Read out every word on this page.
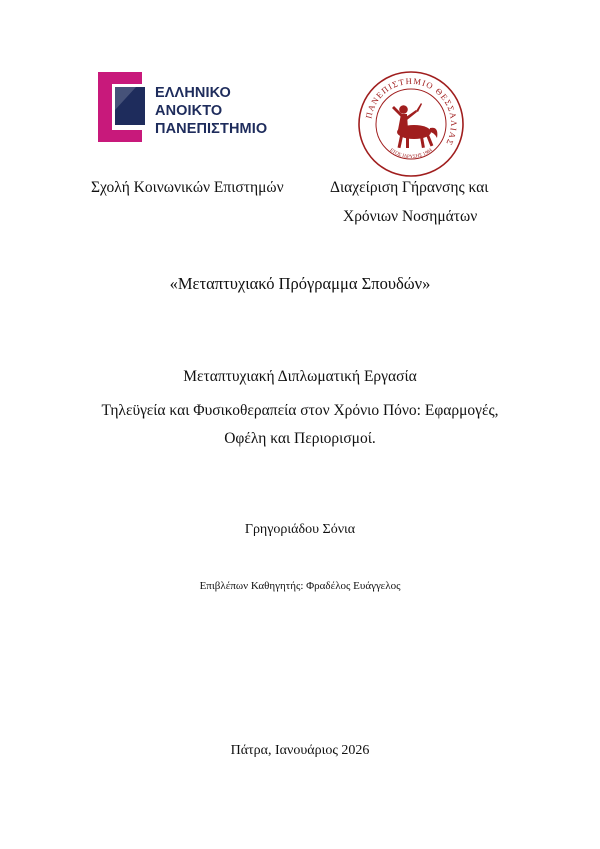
ΕΛΛΗΝΙΚΟ
ΑΝΟΙΚΤΟ
ΠΑΝΕΠΙΣΤΗΜΙΟ
ΠΑΝΕΠΙΣΤΗΜΙΟ ΘΕΣΣΑΛΙΑΣ
ΕΤΟΣ ΙΔΡΥΣΗΣ 1984
Σχολή Κοινωνικών Επιστημών	Διαχείριση Γήρανσης και
Χρόνιων Νοσημάτων
«Μεταπτυχιακό Πρόγραμμα Σπουδών»
Μεταπτυχιακή Διπλωματική Εργασία
Τηλεϋγεία και Φυσικοθεραπεία στον Χρόνιο Πόνο: Εφαρμογές,
Οφέλη και Περιορισμοί.
Γρηγοριάδου Σόνια
Επιβλέπων Καθηγητής: Φραδέλος Ευάγγελος
Πάτρα, Ιανουάριος 2026
